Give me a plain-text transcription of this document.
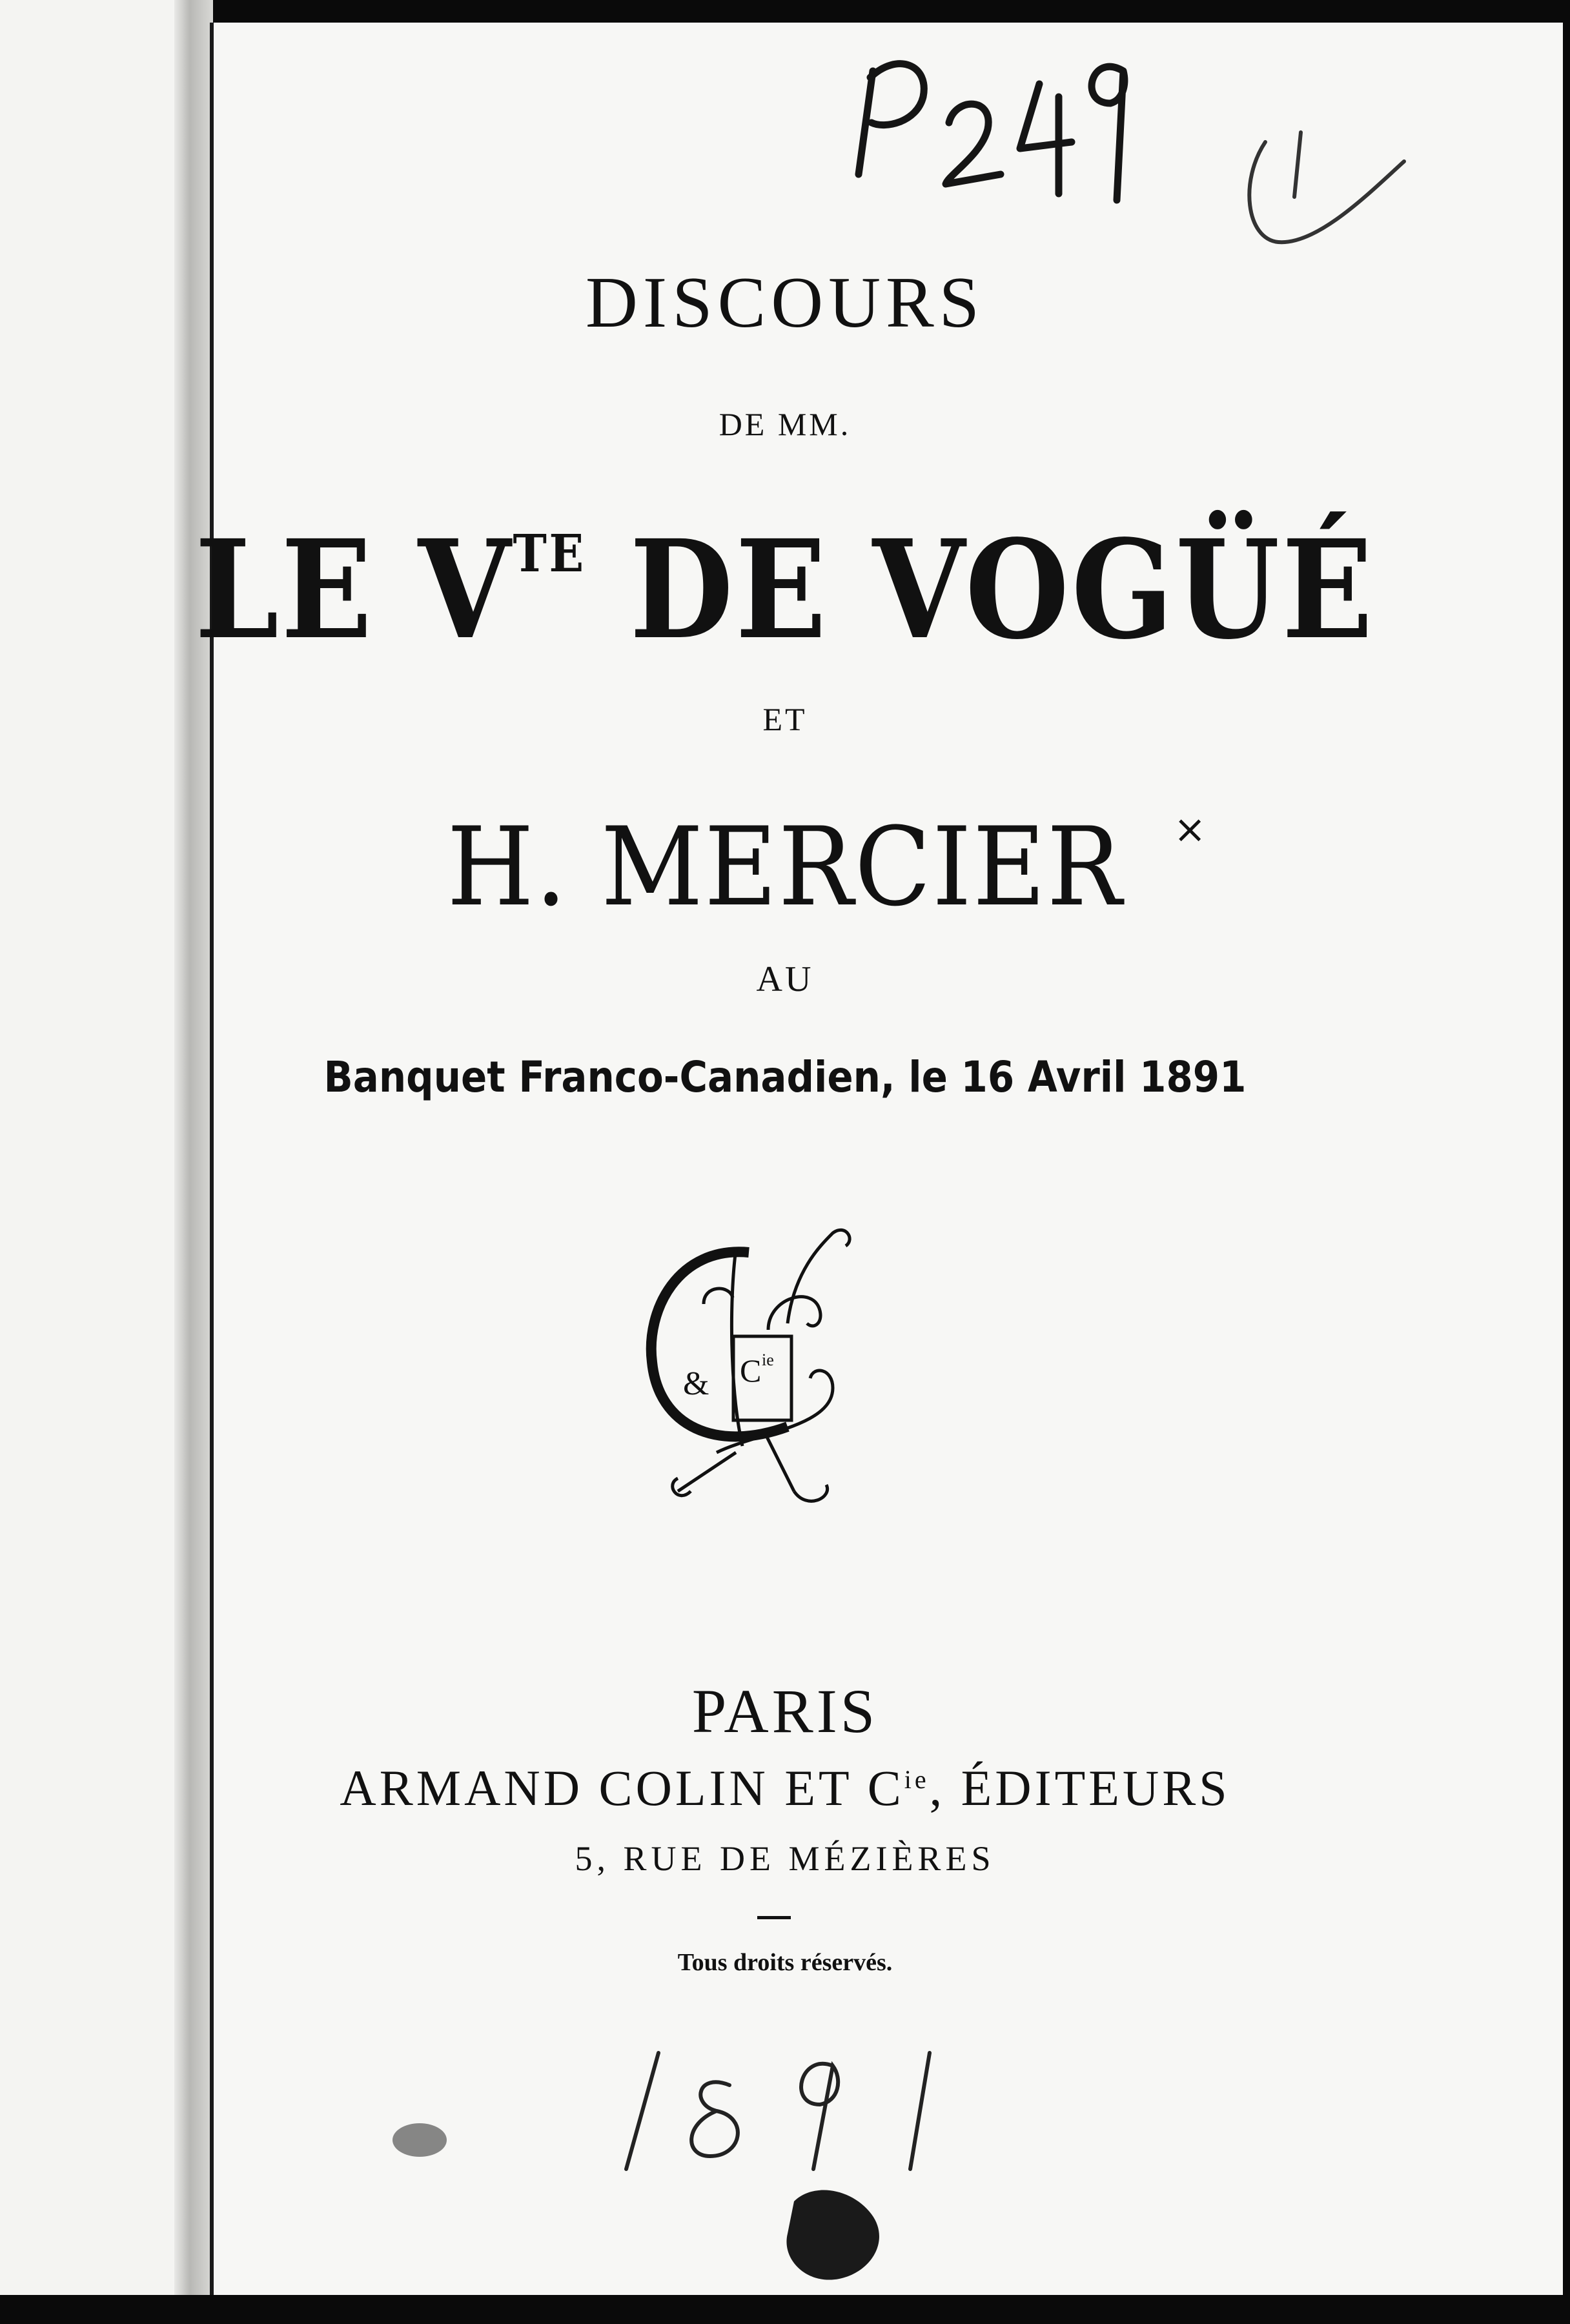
DISCOURS
DE MM.
LE $V^{TE}$ DE VOGÜÉ
ET
H. MERCIER	×
AU
Banquet Franco-Canadien, le 16 Avril 1891
& C ie
PARIS
ARMAND COLIN ET $C^{ie}$, ÉDITEURS
5, RUE DE MÉZIÈRES
Tous droits réservés.
